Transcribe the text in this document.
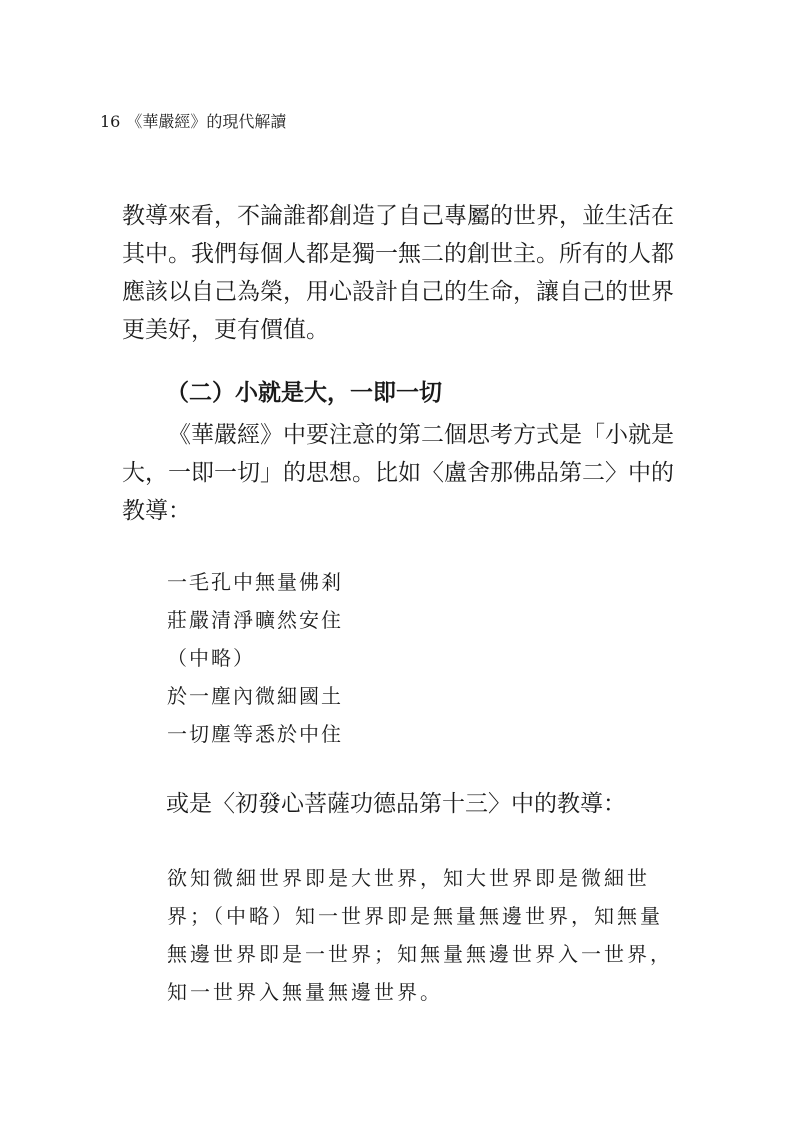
16 《華嚴經》的現代解讀
教導來看，不論誰都創造了自己專屬的世界，並生活在
其中。我們每個人都是獨一無二的創世主。所有的人都
應該以自己為榮，用心設計自己的生命，讓自己的世界
更美好，更有價值。
（二）小就是大，一即一切
《華嚴經》中要注意的第二個思考方式是「小就是
大，一即一切」的思想。比如〈盧舍那佛品第二〉中的
教導：
一毛孔中無量佛剎
莊嚴清淨曠然安住
（中略）
於一塵內微細國土
一切塵等悉於中住

或是〈初發心菩薩功德品第十三〉中的教導：

欲知微細世界即是大世界，知大世界即是微細世
界；（中略）知一世界即是無量無邊世界，知無量
無邊世界即是一世界；知無量無邊世界入一世界，
知一世界入無量無邊世界。
